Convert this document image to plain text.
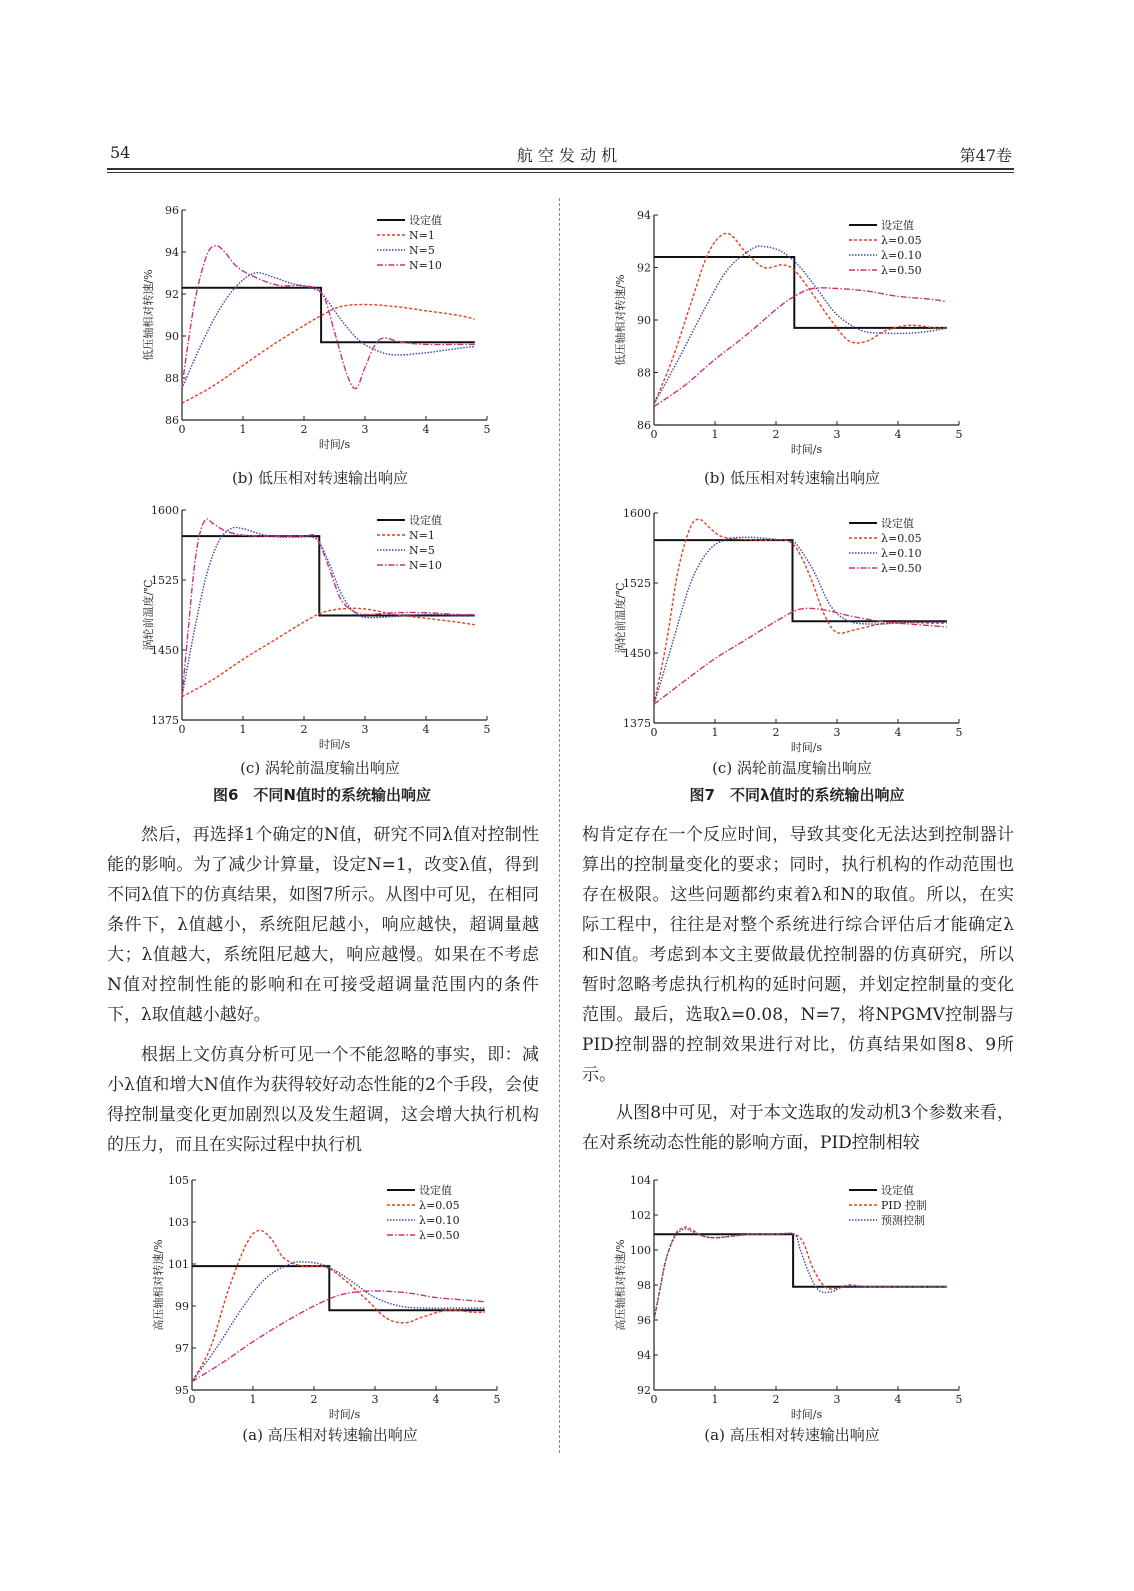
54	航 空 发 动 机	第47卷
0	1	2	3	4	5
86
88
90
92
94
96
时间/s
低压轴相对转速/%
设定值
N=1
N=5
N=10
0	1	2	3	4	5
86
88
90
92
94
时间/s
低压轴相对转速/%
设定值
λ=0.05
λ=0.10
λ=0.50
0	1	2	3	4	5
1375
1450
1525
1600
时间/s
涡轮前温度/℃
设定值
N=1
N=5
N=10
0	1	2	3	4	5
1375
1450
1525
1600
时间/s
涡轮前温度/℃
设定值
λ=0.05
λ=0.10
λ=0.50
0	1	2	3	4	5
95
97
99
101
103
105
时间/s
高压轴相对转速/%
设定值
λ=0.05
λ=0.10
λ=0.50
0	1	2	3	4	5
92
94
96
98
100
102
104
时间/s
高压轴相对转速/%
设定值
PID 控制
预测控制
(b) 低压相对转速输出响应	(b) 低压相对转速输出响应
(c) 涡轮前温度输出响应	(c) 涡轮前温度输出响应
图6　不同N值时的系统输出响应	图7　不同λ值时的系统输出响应
(a) 高压相对转速输出响应	(a) 高压相对转速输出响应

然后，再选择1个确定的N值，研究不同λ值对控制性能的影响。为了减少计算量，设定N=1，改变λ值，得到不同λ值下的仿真结果，如图7所示。从图中可见，在相同条件下，λ值越小，系统阻尼越小，响应越快，超调量越大；λ值越大，系统阻尼越大，响应越慢。如果在不考虑N值对控制性能的影响和在可接受超调量范围内的条件下，λ取值越小越好。

根据上文仿真分析可见一个不能忽略的事实，即：减小λ值和增大N值作为获得较好动态性能的2个手段，会使得控制量变化更加剧烈以及发生超调，这会增大执行机构的压力，而且在实际过程中执行机

构肯定存在一个反应时间，导致其变化无法达到控制器计算出的控制量变化的要求；同时，执行机构的作动范围也存在极限。这些问题都约束着λ和N的取值。所以，在实际工程中，往往是对整个系统进行综合评估后才能确定λ和N值。考虑到本文主要做最优控制器的仿真研究，所以暂时忽略考虑执行机构的延时问题，并划定控制量的变化范围。最后，选取λ=0.08，N=7，将NPGMV控制器与PID控制器的控制效果进行对比，仿真结果如图8、9所示。

从图8中可见，对于本文选取的发动机3个参数来看，在对系统动态性能的影响方面，PID控制相较
